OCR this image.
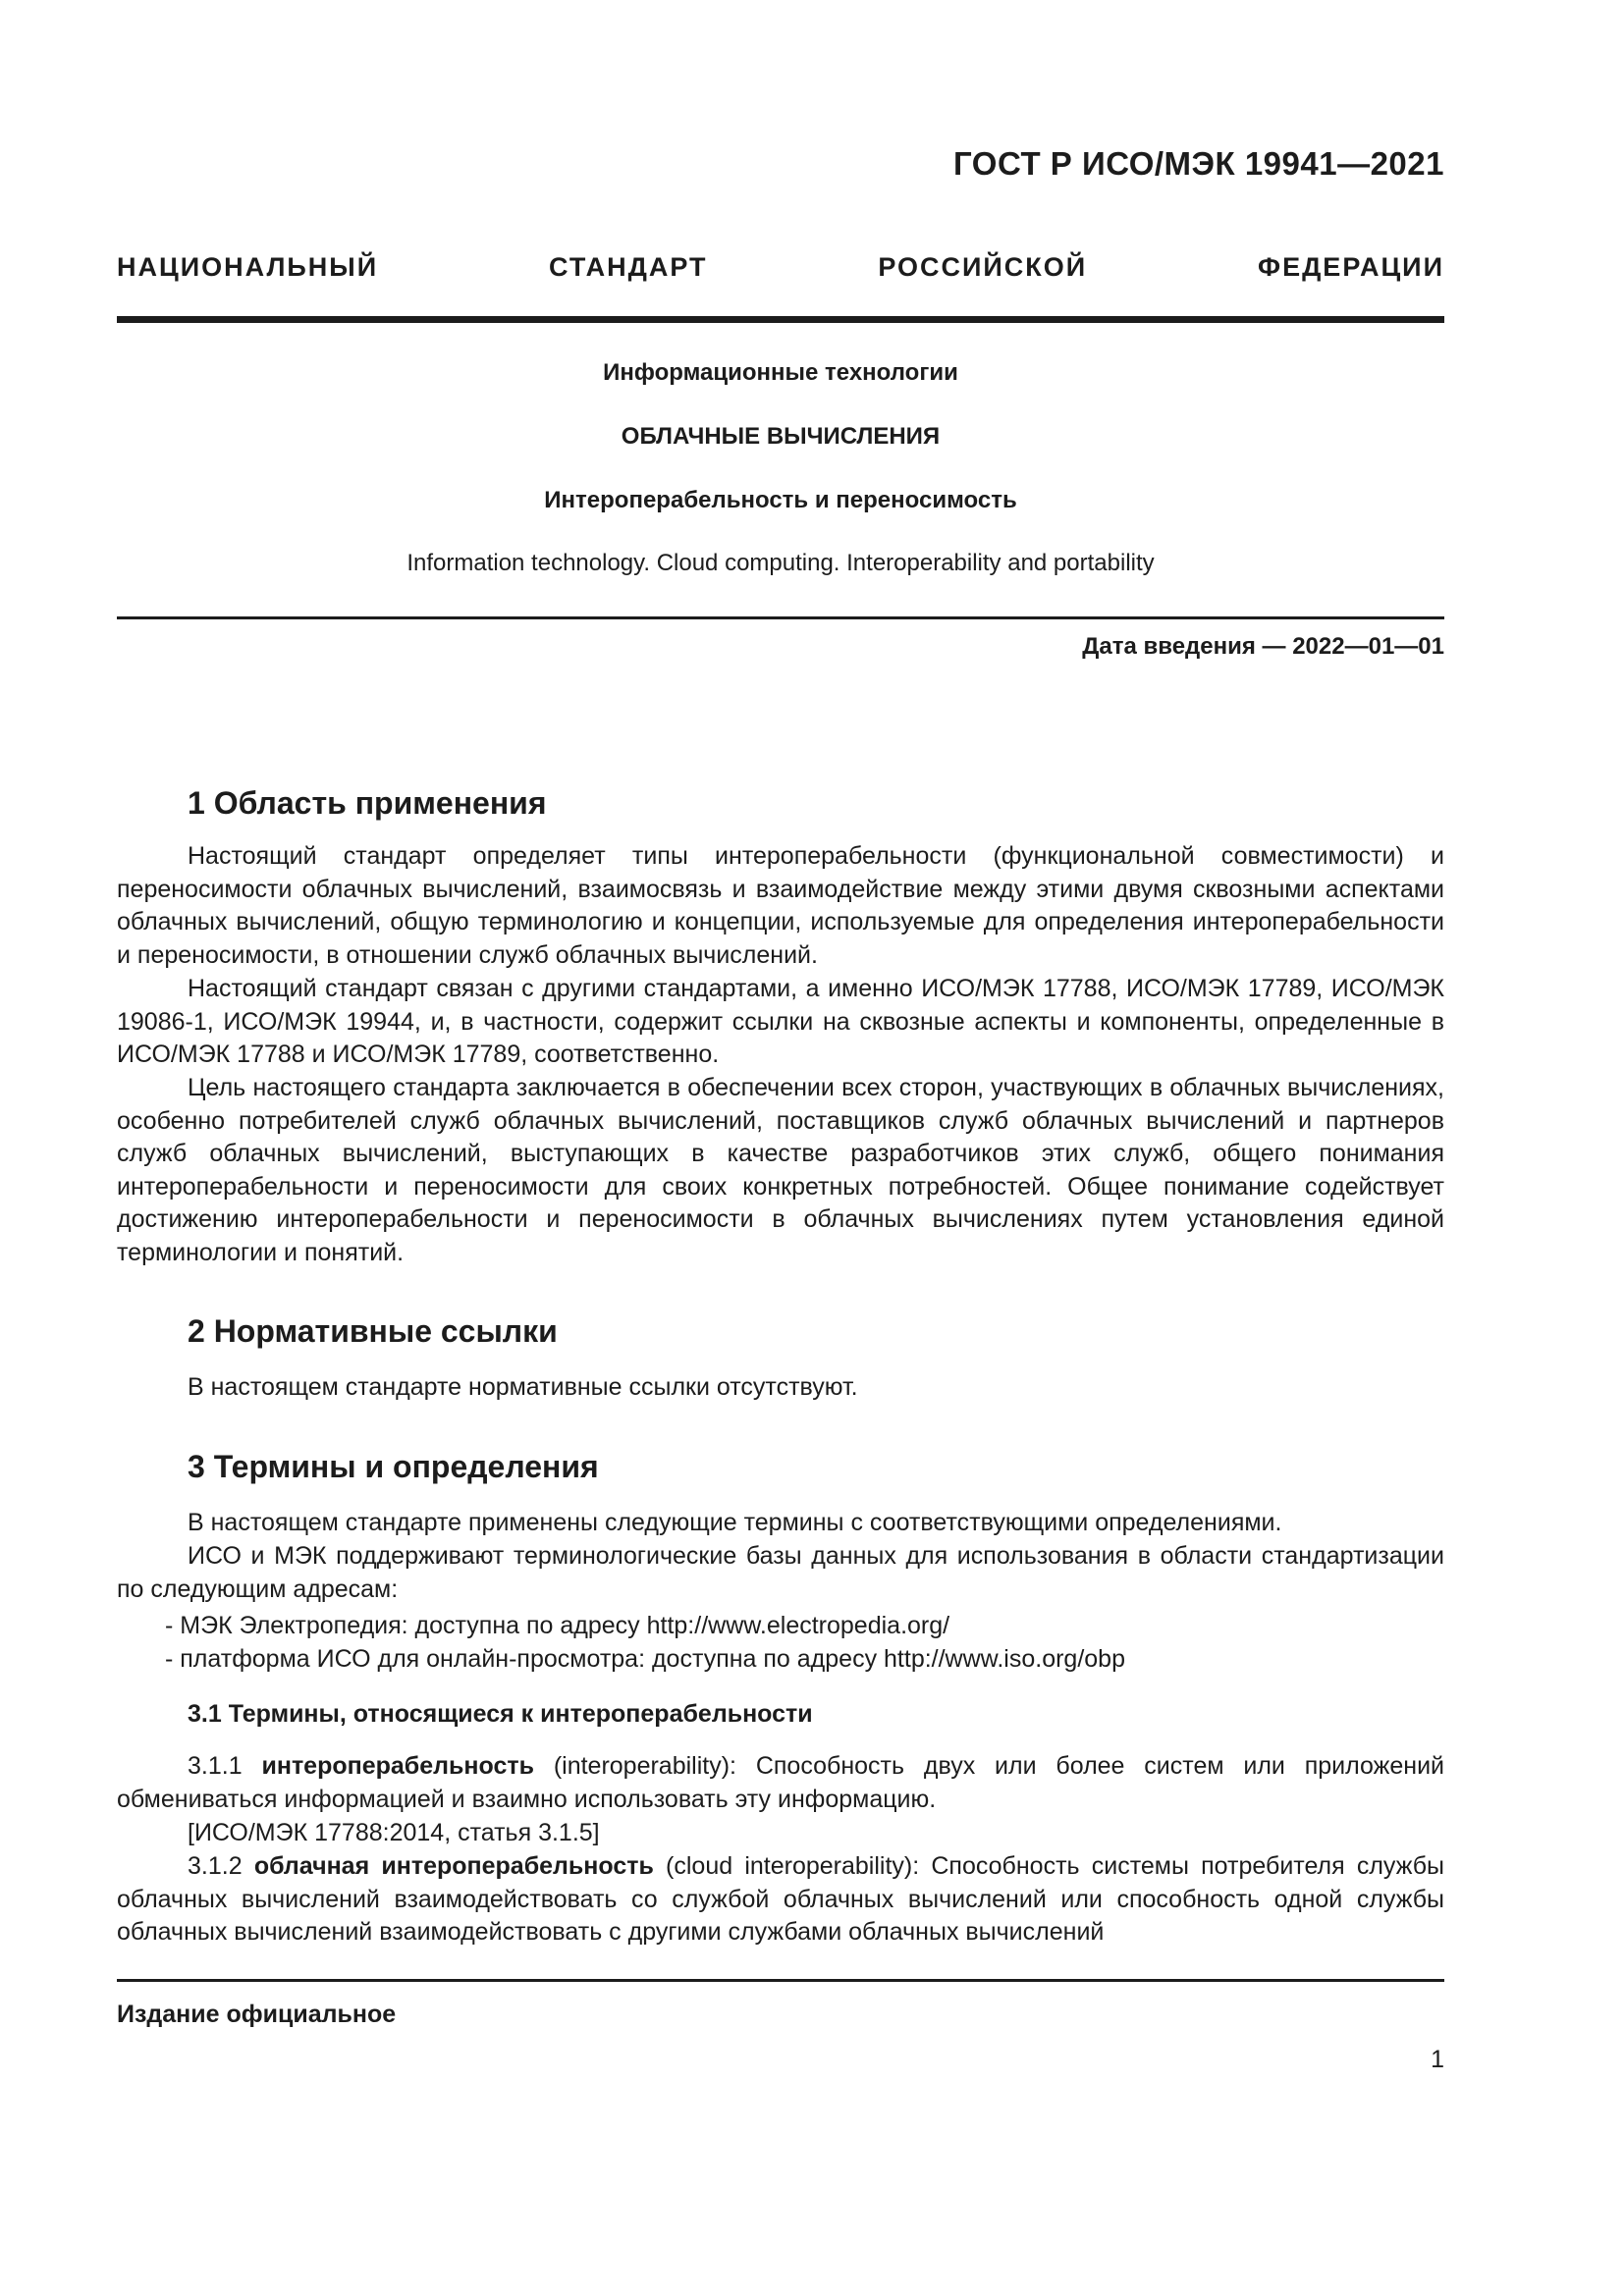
ГОСТ Р ИСО/МЭК 19941—2021
НАЦИОНАЛЬНЫЙ СТАНДАРТ РОССИЙСКОЙ ФЕДЕРАЦИИ
Информационные технологии
ОБЛАЧНЫЕ ВЫЧИСЛЕНИЯ
Интероперабельность и переносимость
Information technology. Cloud computing. Interoperability and portability
Дата введения — 2022—01—01
1 Область применения

Настоящий стандарт определяет типы интероперабельности (функциональной совместимости) и переносимости облачных вычислений, взаимосвязь и взаимодействие между этими двумя сквозными аспектами облачных вычислений, общую терминологию и концепции, используемые для определения интероперабельности и переносимости, в отношении служб облачных вычислений.

Настоящий стандарт связан с другими стандартами, а именно ИСО/МЭК 17788, ИСО/МЭК 17789, ИСО/МЭК 19086-1, ИСО/МЭК 19944, и, в частности, содержит ссылки на сквозные аспекты и компоненты, определенные в ИСО/МЭК 17788 и ИСО/МЭК 17789, соответственно.

Цель настоящего стандарта заключается в обеспечении всех сторон, участвующих в облачных вычислениях, особенно потребителей служб облачных вычислений, поставщиков служб облачных вычислений и партнеров служб облачных вычислений, выступающих в качестве разработчиков этих служб, общего понимания интероперабельности и переносимости для своих конкретных потребностей. Общее понимание содействует достижению интероперабельности и переносимости в облачных вычислениях путем установления единой терминологии и понятий.

2 Нормативные ссылки
В настоящем стандарте нормативные ссылки отсутствуют.
3 Термины и определения
В настоящем стандарте применены следующие термины с соответствующими определениями.

ИСО и МЭК поддерживают терминологические базы данных для использования в области стандартизации по следующим адресам:

- МЭК Электропедия: доступна по адресу http://www.electropedia.org/
- платформа ИСО для онлайн-просмотра: доступна по адресу http://www.iso.org/obp
3.1 Термины, относящиеся к интероперабельности

3.1.1 интероперабельность (interoperability): Способность двух или более систем или приложений обмениваться информацией и взаимно использовать эту информацию.

[ИСО/МЭК 17788:2014, статья 3.1.5]

3.1.2 облачная интероперабельность (cloud interoperability): Способность системы потребителя службы облачных вычислений взаимодействовать со службой облачных вычислений или способность одной службы облачных вычислений взаимодействовать с другими службами облачных вычислений

Издание официальное
1
